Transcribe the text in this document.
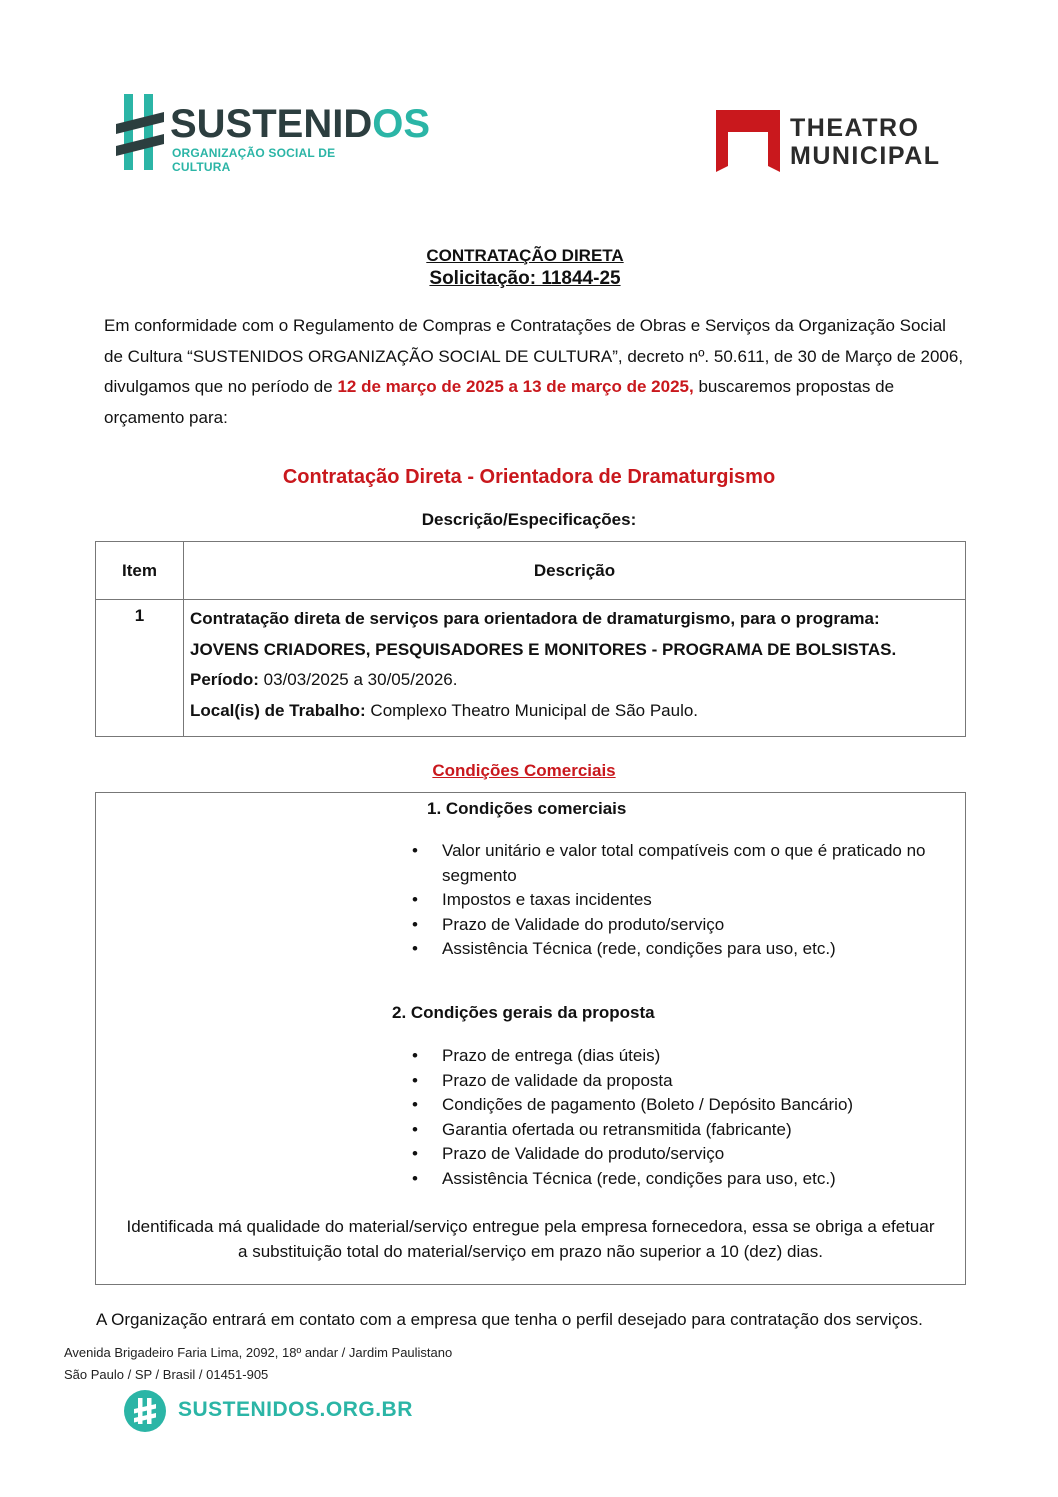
SUSTENIDOS
ORGANIZAÇÃO SOCIAL DE CULTURA
THEATRO
MUNICIPAL
CONTRATAÇÃO DIRETA
Solicitação: 11844-25
Em conformidade com o Regulamento de Compras e Contratações de Obras e Serviços da Organização Social de Cultura “SUSTENIDOS ORGANIZAÇÃO SOCIAL DE CULTURA”, decreto nº. 50.611, de 30 de Março de 2006, divulgamos que no período de 12 de março de 2025 a 13 de março de 2025, buscaremos propostas de orçamento para:
Contratação Direta - Orientadora de Dramaturgismo
Descrição/Especificações:
Item	Descrição
1	Contratação direta de serviços para orientadora de dramaturgismo, para o programa:
JOVENS CRIADORES, PESQUISADORES E MONITORES - PROGRAMA DE BOLSISTAS.
Período: 03/03/2025 a 30/05/2026.
Local(is) de Trabalho: Complexo Theatro Municipal de São Paulo.
Condições Comerciais
1. Condições comerciais
• Valor unitário e valor total compatíveis com o que é praticado no segmento
• Impostos e taxas incidentes
• Prazo de Validade do produto/serviço
• Assistência Técnica (rede, condições para uso, etc.)
2. Condições gerais da proposta
• Prazo de entrega (dias úteis)
• Prazo de validade da proposta
• Condições de pagamento (Boleto / Depósito Bancário)
• Garantia ofertada ou retransmitida (fabricante)
• Prazo de Validade do produto/serviço
• Assistência Técnica (rede, condições para uso, etc.)
Identificada má qualidade do material/serviço entregue pela empresa fornecedora, essa se obriga a efetuar
a substituição total do material/serviço em prazo não superior a 10 (dez) dias.
A Organização entrará em contato com a empresa que tenha o perfil desejado para contratação dos serviços.
Avenida Brigadeiro Faria Lima, 2092, 18º andar / Jardim Paulistano
São Paulo / SP / Brasil / 01451-905
SUSTENIDOS.ORG.BR
